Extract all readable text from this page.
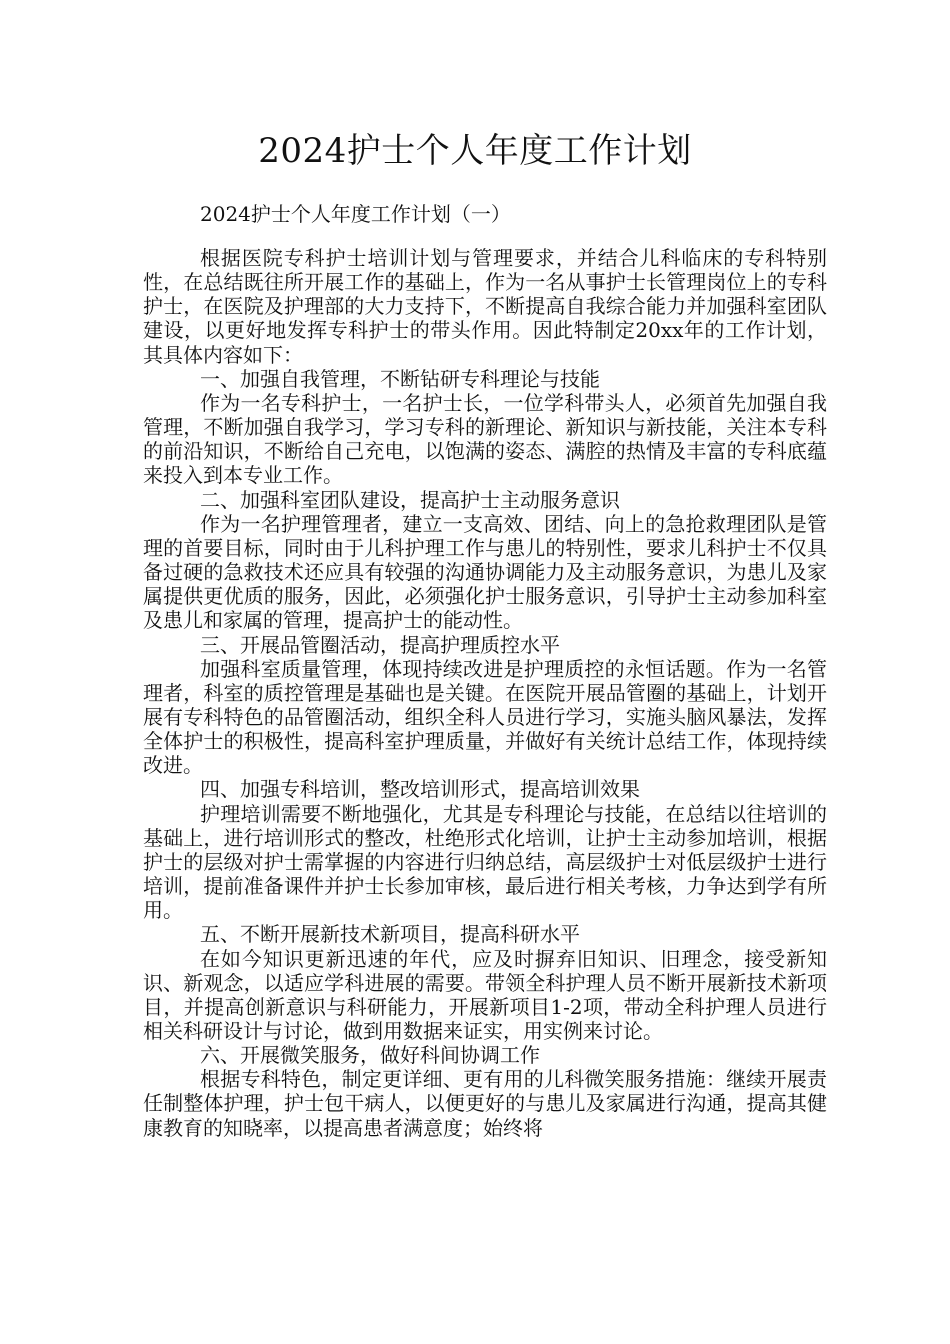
2024护士个人年度工作计划
2024护士个人年度工作计划（一）

根据医院专科护士培训计划与管理要求，并结合儿科临床的专科特别性，在总结既往所开展工作的基础上，作为一名从事护士长管理岗位上的专科护士，在医院及护理部的大力支持下，不断提高自我综合能力并加强科室团队建设，以更好地发挥专科护士的带头作用。因此特制定20xx年的工作计划，其具体内容如下：

一、加强自我管理，不断钻研专科理论与技能

作为一名专科护士，一名护士长，一位学科带头人，必须首先加强自我管理，不断加强自我学习，学习专科的新理论、新知识与新技能，关注本专科的前沿知识，不断给自己充电，以饱满的姿态、满腔的热情及丰富的专科底蕴来投入到本专业工作。

二、加强科室团队建设，提高护士主动服务意识

作为一名护理管理者，建立一支高效、团结、向上的急抢救理团队是管理的首要目标，同时由于儿科护理工作与患儿的特别性，要求儿科护士不仅具备过硬的急救技术还应具有较强的沟通协调能力及主动服务意识，为患儿及家属提供更优质的服务，因此，必须强化护士服务意识，引导护士主动参加科室及患儿和家属的管理，提高护士的能动性。

三、开展品管圈活动，提高护理质控水平

加强科室质量管理，体现持续改进是护理质控的永恒话题。作为一名管理者，科室的质控管理是基础也是关键。在医院开展品管圈的基础上，计划开展有专科特色的品管圈活动，组织全科人员进行学习，实施头脑风暴法，发挥全体护士的积极性，提高科室护理质量，并做好有关统计总结工作，体现持续改进。

四、加强专科培训，整改培训形式，提高培训效果

护理培训需要不断地强化，尤其是专科理论与技能，在总结以往培训的基础上，进行培训形式的整改，杜绝形式化培训，让护士主动参加培训，根据护士的层级对护士需掌握的内容进行归纳总结，高层级护士对低层级护士进行培训，提前准备课件并护士长参加审核，最后进行相关考核，力争达到学有所用。

五、不断开展新技术新项目，提高科研水平

在如今知识更新迅速的年代，应及时摒弃旧知识、旧理念，接受新知识、新观念，以适应学科进展的需要。带领全科护理人员不断开展新技术新项目，并提高创新意识与科研能力，开展新项目1-2项，带动全科护理人员进行相关科研设计与讨论，做到用数据来证实，用实例来讨论。

六、开展微笑服务，做好科间协调工作

根据专科特色，制定更详细、更有用的儿科微笑服务措施：继续开展责任制整体护理，护士包干病人，以便更好的与患儿及家属进行沟通，提高其健康教育的知晓率，以提高患者满意度；始终将
